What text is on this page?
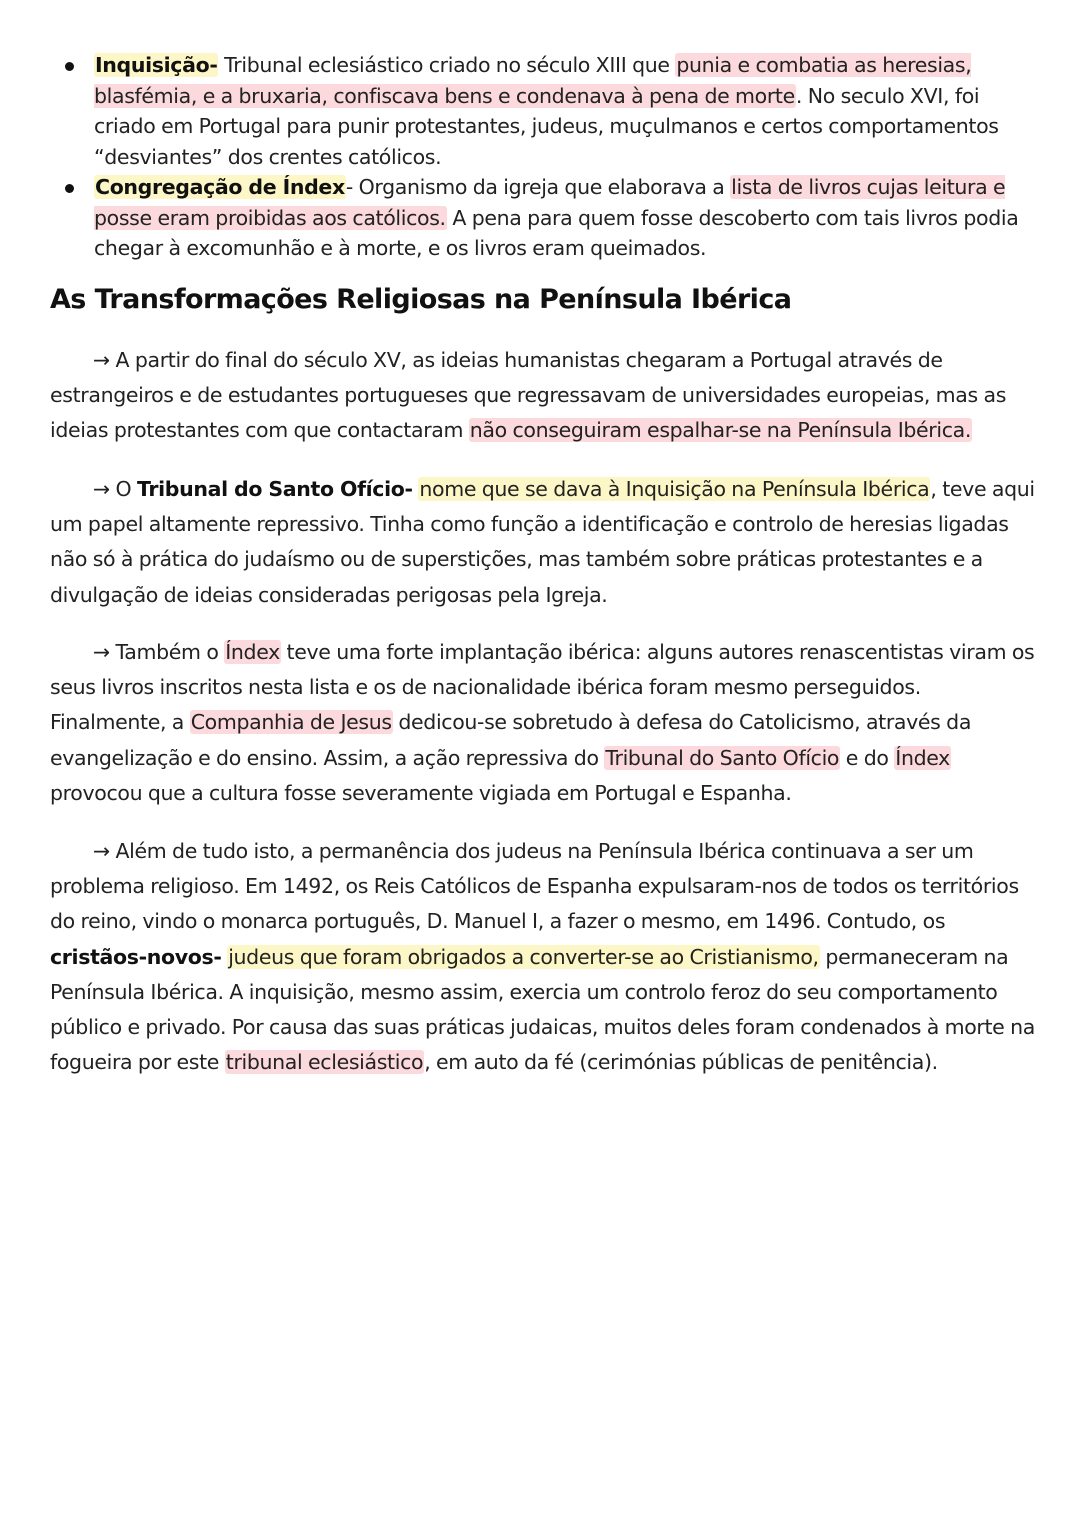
Inquisição- Tribunal eclesiástico criado no século XIII que punia e combatia as heresias, blasfémia, e a bruxaria, confiscava bens e condenava à pena de morte. No seculo XVI, foi criado em Portugal para punir protestantes, judeus, muçulmanos e certos comportamentos “desviantes” dos crentes católicos.
Congregação de Índex- Organismo da igreja que elaborava a lista de livros cujas leitura e posse eram proibidas aos católicos. A pena para quem fosse descoberto com tais livros podia chegar à excomunhão e à morte, e os livros eram queimados.
As Transformações Religiosas na Península Ibérica

→ A partir do final do século XV, as ideias humanistas chegaram a Portugal através de estrangeiros e de estudantes portugueses que regressavam de universidades europeias, mas as ideias protestantes com que contactaram não conseguiram espalhar-se na Península Ibérica.

→ O Tribunal do Santo Ofício- nome que se dava à Inquisição na Península Ibérica, teve aqui um papel altamente repressivo. Tinha como função a identificação e controlo de heresias ligadas não só à prática do judaísmo ou de superstições, mas também sobre práticas protestantes e a divulgação de ideias consideradas perigosas pela Igreja.

→ Também o Índex teve uma forte implantação ibérica: alguns autores renascentistas viram os seus livros inscritos nesta lista e os de nacionalidade ibérica foram mesmo perseguidos. Finalmente, a Companhia de Jesus dedicou-se sobretudo à defesa do Catolicismo, através da evangelização e do ensino. Assim, a ação repressiva do Tribunal do Santo Ofício e do Índex provocou que a cultura fosse severamente vigiada em Portugal e Espanha.

→ Além de tudo isto, a permanência dos judeus na Península Ibérica continuava a ser um problema religioso. Em 1492, os Reis Católicos de Espanha expulsaram-nos de todos os territórios do reino, vindo o monarca português, D. Manuel I, a fazer o mesmo, em 1496. Contudo, os cristãos-novos- judeus que foram obrigados a converter-se ao Cristianismo, permaneceram na Península Ibérica. A inquisição, mesmo assim, exercia um controlo feroz do seu comportamento público e privado. Por causa das suas práticas judaicas, muitos deles foram condenados à morte na fogueira por este tribunal eclesiástico, em auto da fé (cerimónias públicas de penitência).
